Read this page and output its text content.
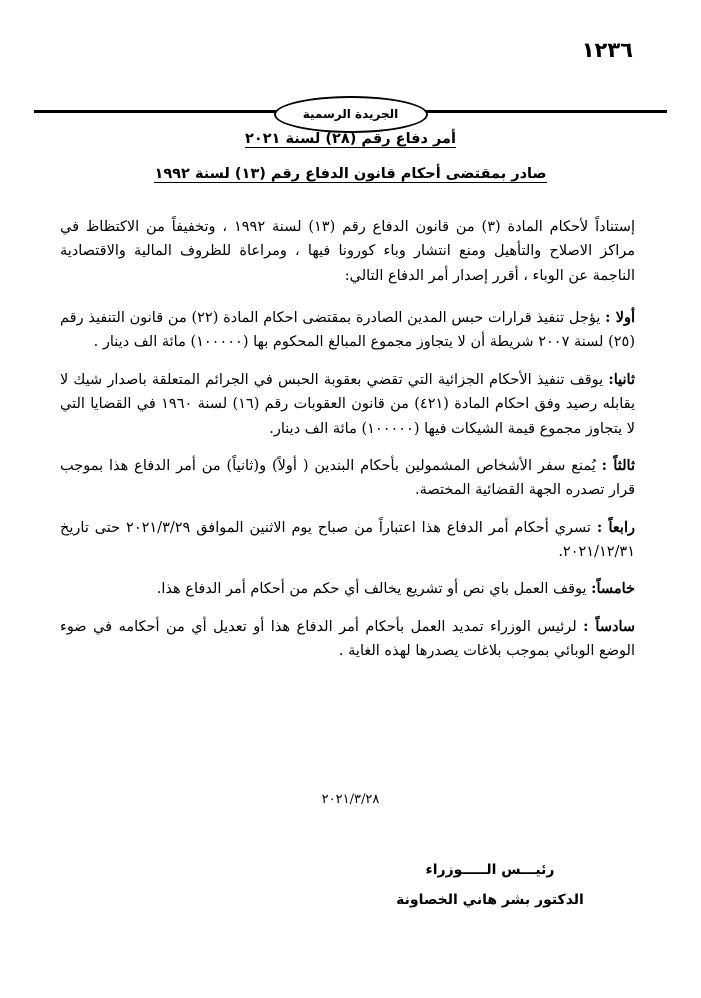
الجريدة الرسمية
١٢٣٦
أمر دفاع رقم (٢٨) لسنة ٢٠٢١
صادر بمقتضى أحكام قانون الدفاع رقم (١٣) لسنة ١٩٩٢

إستناداً لأحكام المادة (٣) من قانون الدفاع رقم (١٣) لسنة ١٩٩٢ ، وتخفيفاً من الاكتظاظ في مراكز الاصلاح والتأهيل ومنع انتشار وباء كورونا فيها ، ومراعاة للظروف المالية والاقتصادية الناجمة عن الوباء ، أقرر إصدار أمر الدفاع التالي:

أولا : يؤجل تنفيذ قرارات حبس المدين الصادرة بمقتضى احكام المادة (٢٢) من قانون التنفيذ رقم (٢٥) لسنة ٢٠٠٧ شريطة أن لا يتجاوز مجموع المبالغ المحكوم بها (١٠٠٠٠٠) مائة الف دينار .

ثانيا: يوقف تنفيذ الأحكام الجزائية التي تقضي بعقوبة الحبس في الجرائم المتعلقة باصدار شيك لا يقابله رصيد وفق احكام المادة (٤٢١) من قانون العقوبات رقم (١٦) لسنة ١٩٦٠ في القضايا التي لا يتجاوز مجموع قيمة الشيكات فيها (١٠٠٠٠٠) مائة الف دينار.

ثالثاً : يُمنع سفر الأشخاص المشمولين بأحكام البندين ( أولاً) و(ثانياً) من أمر الدفاع هذا بموجب قرار تصدره الجهة القضائية المختصة.

رابعاً : تسري أحكام أمر الدفاع هذا اعتباراً من صباح يوم الاثنين الموافق ٢٠٢١/٣/٢٩ حتى تاريخ ٢٠٢١/١٢/٣١.

خامساً: يوقف العمل باي نص أو تشريع يخالف أي حكم من أحكام أمر الدفاع هذا.

سادساً : لرئيس الوزراء تمديد العمل بأحكام أمر الدفاع هذا أو تعديل أي من أحكامه في ضوء الوضع الوبائي بموجب بلاغات يصدرها لهذه الغاية .

٢٠٢١/٣/٢٨
رئيـــس الـــــوزراء
الدكتور بشر هاني الخصاونة
